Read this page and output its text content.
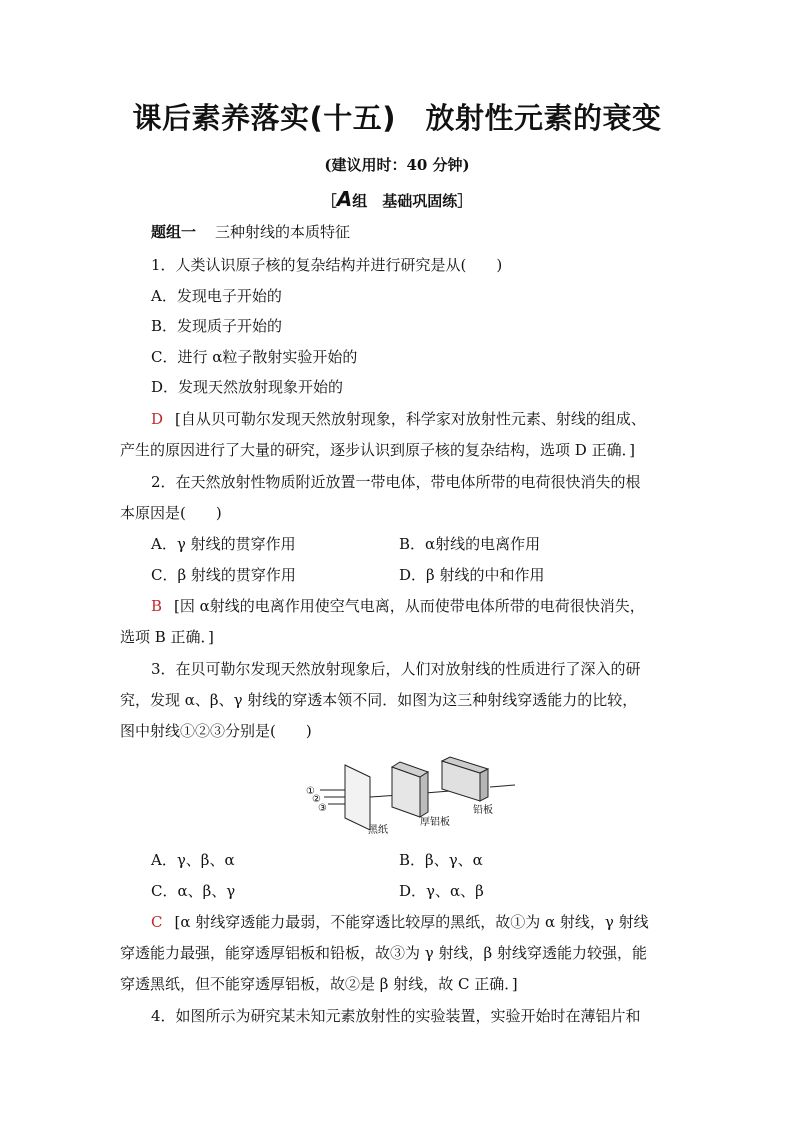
课后素养落实(十五)　放射性元素的衰变
(建议用时：40 分钟)
［A组　基础巩固练］
题组一　 三种射线的本质特征
1．人类认识原子核的复杂结构并进行研究是从(　　)
A．发现电子开始的
B．发现质子开始的
C．进行 α粒子散射实验开始的
D．发现天然放射现象开始的
D [自从贝可勒尔发现天然放射现象，科学家对放射性元素、射线的组成、
产生的原因进行了大量的研究，逐步认识到原子核的复杂结构，选项 D 正确．]
2．在天然放射性物质附近放置一带电体，带电体所带的电荷很快消失的根
本原因是(　　)
A．γ 射线的贯穿作用	B．α射线的电离作用
C．β 射线的贯穿作用	D．β 射线的中和作用
B [因 α射线的电离作用使空气电离，从而使带电体所带的电荷很快消失，
选项 B 正确．]
3．在贝可勒尔发现天然放射现象后，人们对放射线的性质进行了深入的研
究，发现 α、β、γ 射线的穿透本领不同．如图为这三种射线穿透能力的比较，
图中射线①②③分别是(　　)
①
②
③
黑纸
厚铝板
铅板
A．γ、β、α	B．β、γ、α
C．α、β、γ	D．γ、α、β
C [α 射线穿透能力最弱，不能穿透比较厚的黑纸，故①为 α 射线，γ 射线
穿透能力最强，能穿透厚铝板和铅板，故③为 γ 射线，β 射线穿透能力较强，能
穿透黑纸，但不能穿透厚铝板，故②是 β 射线，故 C 正确．]
4．如图所示为研究某未知元素放射性的实验装置，实验开始时在薄铝片和
